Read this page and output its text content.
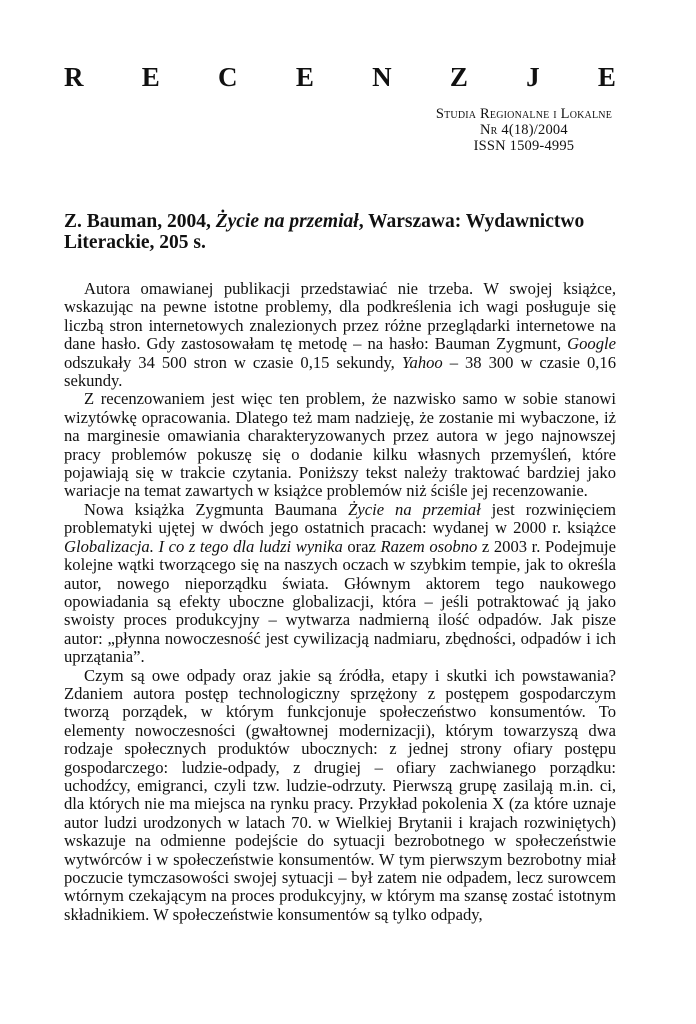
R E C E N Z J E
Studia Regionalne i Lokalne
Nr 4(18)/2004
ISSN 1509-4995
Z. Bauman, 2004, Życie na przemiał, Warszawa: Wydawnictwo Literackie, 205 s.

Autora omawianej publikacji przedstawiać nie trzeba. W swojej książce, wskazując na pewne istotne problemy, dla podkreślenia ich wagi posługuje się liczbą stron internetowych znalezionych przez różne przeglądarki internetowe na dane hasło. Gdy zastosowałam tę metodę – na hasło: Bauman Zygmunt, Google odszukały 34 500 stron w czasie 0,15 sekundy, Yahoo – 38 300 w czasie 0,16 sekundy.

Z recenzowaniem jest więc ten problem, że nazwisko samo w sobie stanowi wizytówkę opracowania. Dlatego też mam nadzieję, że zostanie mi wybaczone, iż na marginesie omawiania charakteryzowanych przez autora w jego najnowszej pracy problemów pokuszę się o dodanie kilku własnych przemyśleń, które pojawiają się w trakcie czytania. Poniższy tekst należy traktować bardziej jako wariacje na temat zawartych w książce problemów niż ściśle jej recenzowanie.

Nowa książka Zygmunta Baumana Życie na przemiał jest rozwinięciem problematyki ujętej w dwóch jego ostatnich pracach: wydanej w 2000 r. książce Globalizacja. I co z tego dla ludzi wynika oraz Razem osobno z 2003 r. Podejmuje kolejne wątki tworzącego się na naszych oczach w szybkim tempie, jak to określa autor, nowego nieporządku świata. Głównym aktorem tego naukowego opowiadania są efekty uboczne globalizacji, która – jeśli potraktować ją jako swoisty proces produkcyjny – wytwarza nadmierną ilość odpadów. Jak pisze autor: „płynna nowoczesność jest cywilizacją nadmiaru, zbędności, odpadów i ich uprzątania”.

Czym są owe odpady oraz jakie są źródła, etapy i skutki ich powstawania? Zdaniem autora postęp technologiczny sprzężony z postępem gospodarczym tworzą porządek, w którym funkcjonuje społeczeństwo konsumentów. To elementy nowoczesności (gwałtownej modernizacji), którym towarzyszą dwa rodzaje społecznych produktów ubocznych: z jednej strony ofiary postępu gospodarczego: ludzie-odpady, z drugiej – ofiary zachwianego porządku: uchodźcy, emigranci, czyli tzw. ludzie-odrzuty. Pierwszą grupę zasilają m.in. ci, dla których nie ma miejsca na rynku pracy. Przykład pokolenia X (za które uznaje autor ludzi urodzonych w latach 70. w Wielkiej Brytanii i krajach rozwiniętych) wskazuje na odmienne podejście do sytuacji bezrobotnego w społeczeństwie wytwórców i w społeczeństwie konsumentów. W tym pierwszym bezrobotny miał poczucie tymczasowości swojej sytuacji – był zatem nie odpadem, lecz surowcem wtórnym czekającym na proces produkcyjny, w którym ma szansę zostać istotnym składnikiem. W społeczeństwie konsumentów są tylko odpady,
